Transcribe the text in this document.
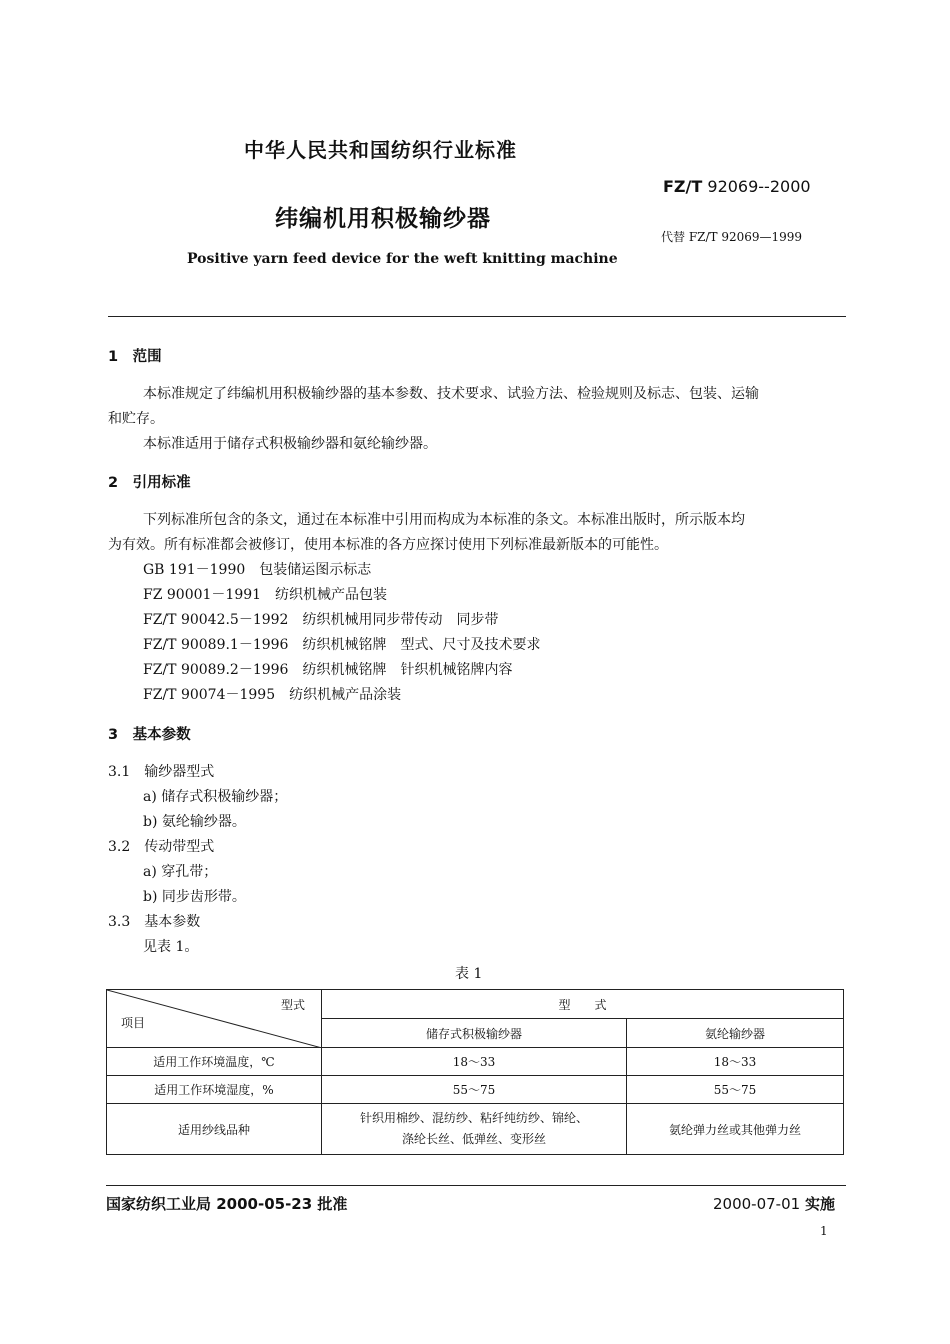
中华人民共和国纺织行业标准
FZ/T 92069--2000
纬编机用积极输纱器
代替 FZ/T 92069—1999
Positive yarn feed device for the weft knitting machine
1　范围
本标准规定了纬编机用积极输纱器的基本参数、技术要求、试验方法、检验规则及标志、包装、运输
和贮存。
本标准适用于储存式积极输纱器和氨纶输纱器。
2　引用标准
下列标准所包含的条文，通过在本标准中引用而构成为本标准的条文。本标准出版时，所示版本均
为有效。所有标准都会被修订，使用本标准的各方应探讨使用下列标准最新版本的可能性。
GB 191－1990　包装储运图示标志
FZ 90001－1991　纺织机械产品包装
FZ/T 90042.5－1992　纺织机械用同步带传动　同步带
FZ/T 90089.1－1996　纺织机械铭牌　型式、尺寸及技术要求
FZ/T 90089.2－1996　纺织机械铭牌　针织机械铭牌内容
FZ/T 90074－1995　纺织机械产品涂装
3　基本参数
3.1　输纱器型式
a) 储存式积极输纱器；
b) 氨纶输纱器。
3.2　传动带型式
a) 穿孔带；
b) 同步齿形带。
3.3　基本参数
见表 1。
表 1
型式
项目	型　　式	
	储存式积极输纱器	氨纶输纱器
适用工作环境温度，℃	18～33	18～33
适用工作环境湿度，%	55～75	55～75
适用纱线品种	针织用棉纱、混纺纱、粘纤纯纺纱、锦纶、
涤纶长丝、低弹丝、变形丝	氨纶弹力丝或其他弹力丝
国家纺织工业局 2000-05-23 批准	2000-07-01 实施
1
